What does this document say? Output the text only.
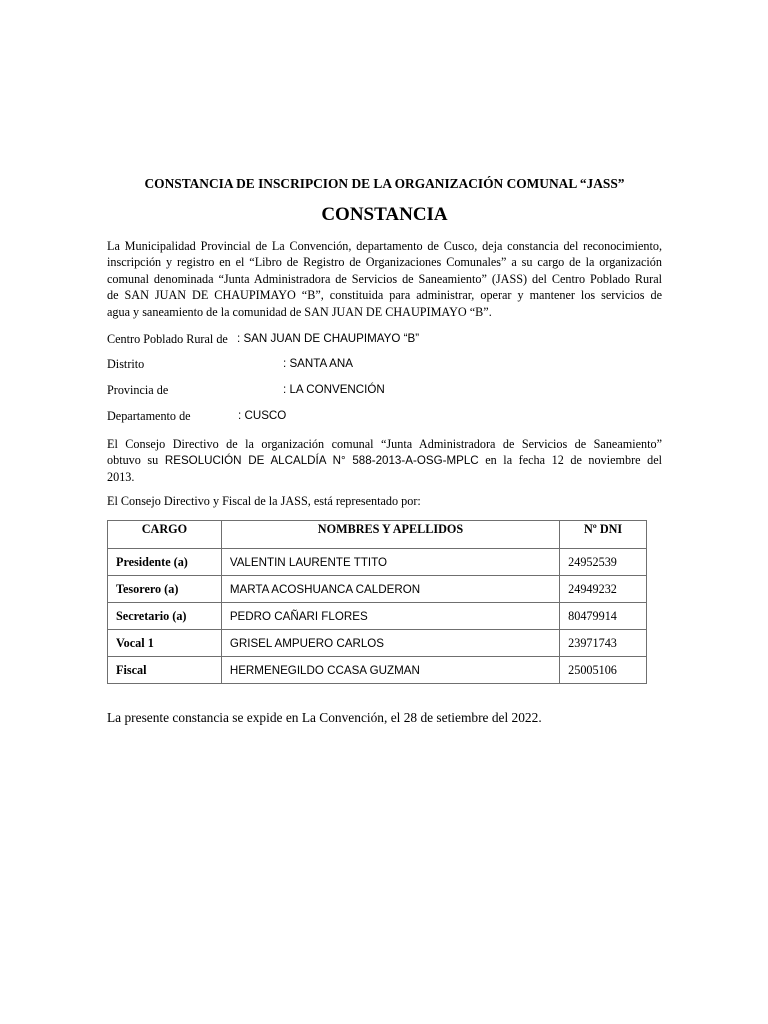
CONSTANCIA DE INSCRIPCION DE LA ORGANIZACIÓN COMUNAL “JASS”
CONSTANCIA
La Municipalidad Provincial de La Convención, departamento de Cusco, deja constancia del reconocimiento,
inscripción y registro en el “Libro de Registro de Organizaciones Comunales” a su cargo de la organización
comunal denominada “Junta Administradora de Servicios de Saneamiento” (JASS) del Centro Poblado Rural
de SAN JUAN DE CHAUPIMAYO “B”, constituida para administrar, operar y mantener los servicios de
agua y saneamiento de la comunidad de SAN JUAN DE CHAUPIMAYO “B”.
Centro Poblado Rural de : SAN JUAN DE CHAUPIMAYO “B”
Distrito	: SANTA ANA
Provincia de	: LA CONVENCIÓN
Departamento de	: CUSCO
El Consejo Directivo de la organización comunal “Junta Administradora de Servicios de Saneamiento”
obtuvo su RESOLUCIÓN DE ALCALDÍA N° 588-2013-A-OSG-MPLC en la fecha 12 de noviembre del
2013.
El Consejo Directivo y Fiscal de la JASS, está representado por:
CARGO	NOMBRES Y APELLIDOS	Nº DNI
Presidente (a)	VALENTIN LAURENTE TTITO	24952539
Tesorero (a)	MARTA ACOSHUANCA CALDERON	24949232
Secretario (a)	PEDRO CAÑARI FLORES	80479914
Vocal 1	GRISEL AMPUERO CARLOS	23971743
Fiscal	HERMENEGILDO CCASA GUZMAN	25005106
La presente constancia se expide en La Convención, el 28 de setiembre del 2022.
